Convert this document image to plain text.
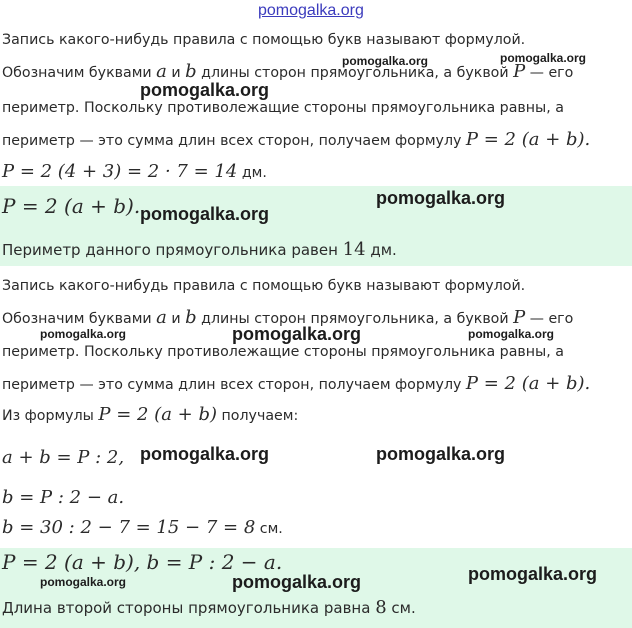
pomogalka.org
Запись какого-нибудь правила с помощью букв называют формулой.
Обозначим буквами a и b длины сторон прямоугольника, а буквой P — его
периметр. Поскольку противолежащие стороны прямоугольника равны, а
периметр — это сумма длин всех сторон, получаем формулу P = 2 (a + b).
P = 2 (4 + 3) = 2 · 7 = 14 дм.
P = 2 (a + b).
Периметр данного прямоугольника равен 14 дм.
Запись какого-нибудь правила с помощью букв называют формулой.
Обозначим буквами a и b длины сторон прямоугольника, а буквой P — его
периметр. Поскольку противолежащие стороны прямоугольника равны, а
периметр — это сумма длин всех сторон, получаем формулу P = 2 (a + b).
Из формулы P = 2 (a + b) получаем:
a + b = P : 2,
b = P : 2 − a.
b = 30 : 2 − 7 = 15 − 7 = 8 см.
P = 2 (a + b), b = P : 2 − a.
Длина второй стороны прямоугольника равна 8 см.
pomogalka.org	pomogalka.org
pomogalka.org
pomogalka.org
pomogalka.org
pomogalka.org	pomogalka.org	pomogalka.org
pomogalka.org	pomogalka.org
pomogalka.org	pomogalka.org	pomogalka.org
